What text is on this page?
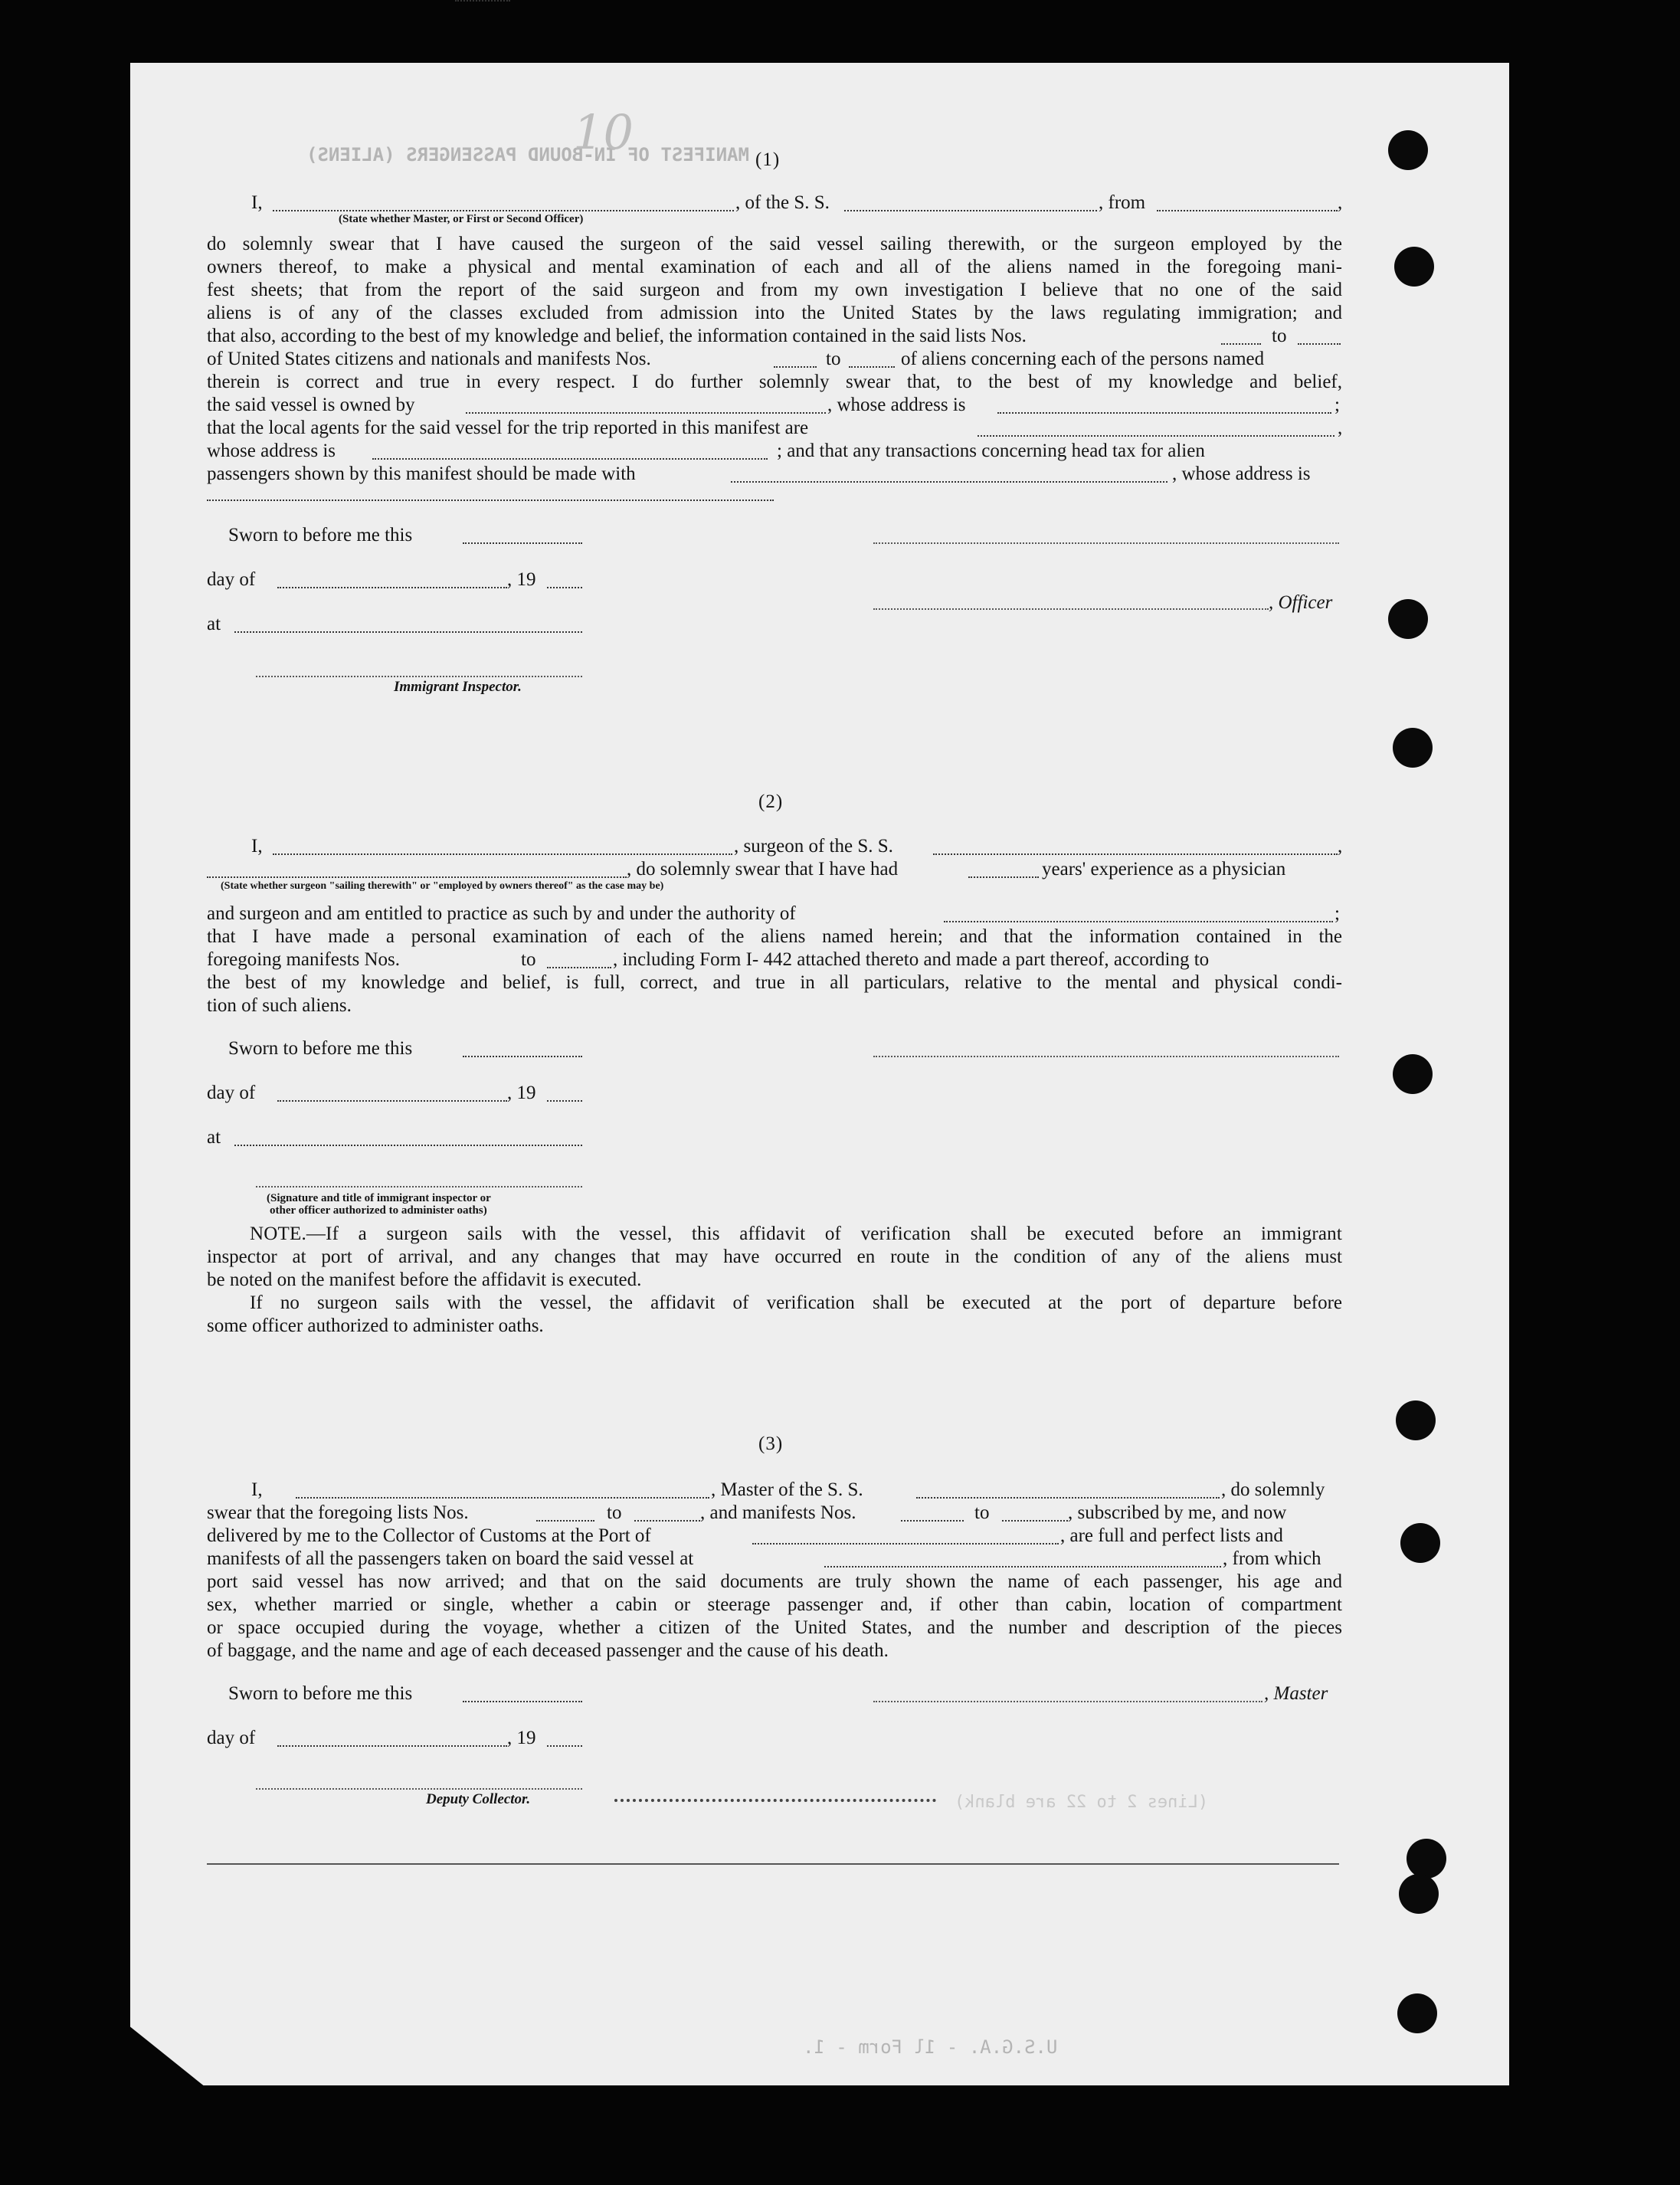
MANIFEST OF IN-BOUND PASSENGERS (ALIENS)
10
(Lines 2 to 22 are blank)
U.S.G.A. - 1l Form - 1.
(1)
I,	, of the S. S.	, from	,
(State whether Master, or First or Second Officer)
do solemnly swear that I have caused the surgeon of the said vessel sailing therewith, or the surgeon employed by the
owners thereof, to make a physical and mental examination of each and all of the aliens named in the foregoing mani-
fest sheets; that from the report of the said surgeon and from my own investigation I believe that no one of the said
aliens is of any of the classes excluded from admission into the United States by the laws regulating immigration; and
that also, according to the best of my knowledge and belief, the information contained in the said lists Nos.	to
of United States citizens and nationals and manifests Nos.	to	of aliens concerning each of the persons named
therein is correct and true in every respect. I do further solemnly swear that, to the best of my knowledge and belief,
the said vessel is owned by	, whose address is	;
that the local agents for the said vessel for the trip reported in this manifest are	,
whose address is	; and that any transactions concerning head tax for alien
passengers shown by this manifest should be made with	, whose address is
Sworn to before me this
day of	, 19
, Officer
at
Immigrant Inspector.
(2)
I,	, surgeon of the S. S.	,
, do solemnly swear that I have had	years' experience as a physician
(State whether surgeon "sailing therewith" or "employed by owners thereof" as the case may be)
and surgeon and am entitled to practice as such by and under the authority of	;
that I have made a personal examination of each of the aliens named herein; and that the information contained in the
foregoing manifests Nos.	to	, including Form I- 442 attached thereto and made a part thereof, according to
the best of my knowledge and belief, is full, correct, and true in all particulars, relative to the mental and physical condi-
tion of such aliens.
Sworn to before me this
day of	, 19
at
(Signature and title of immigrant inspector or
other officer authorized to administer oaths)
NOTE.—If a surgeon sails with the vessel, this affidavit of verification shall be executed before an immigrant
inspector at port of arrival, and any changes that may have occurred en route in the condition of any of the aliens must
be noted on the manifest before the affidavit is executed.
If no surgeon sails with the vessel, the affidavit of verification shall be executed at the port of departure before
some officer authorized to administer oaths.
(3)
I,	, Master of the S. S.	, do solemnly
swear that the foregoing lists Nos.	to	, and manifests Nos.	to	, subscribed by me, and now
delivered by me to the Collector of Customs at the Port of	, are full and perfect lists and
manifests of all the passengers taken on board the said vessel at	, from which
port said vessel has now arrived; and that on the said documents are truly shown the name of each passenger, his age and
sex, whether married or single, whether a cabin or steerage passenger and, if other than cabin, location of compartment
or space occupied during the voyage, whether a citizen of the United States, and the number and description of the pieces
of baggage, and the name and age of each deceased passenger and the cause of his death.
Sworn to before me this	, Master
day of	, 19
Deputy Collector.
